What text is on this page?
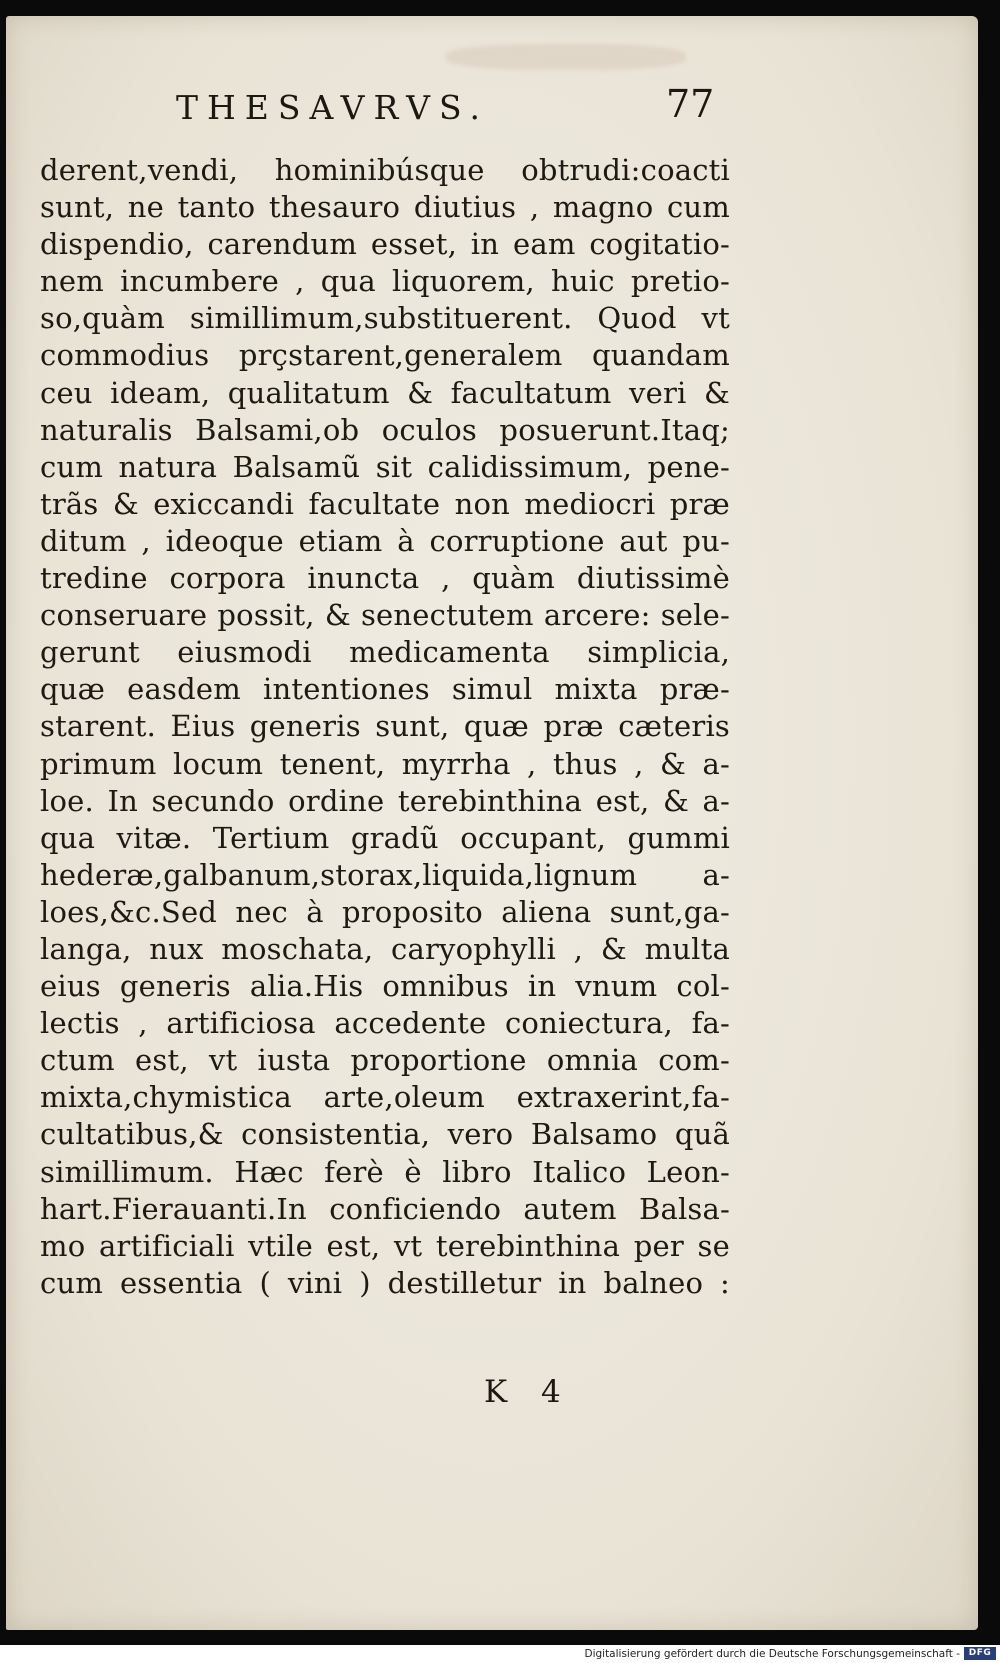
THESAVRVS.	77
derent,vendi, hominibúsque obtrudi:coacti
sunt, ne tanto thesauro diutius , magno cum
dispendio, carendum esset, in eam cogitatio-
nem incumbere , qua liquorem, huic pretio-
so,quàm simillimum,substituerent. Quod vt
commodius prçstarent,generalem quandam
ceu ideam, qualitatum & facultatum veri &
naturalis Balsami,ob oculos posuerunt.Itaq;
cum natura Balsamũ sit calidissimum, pene-
trãs & exiccandi facultate non mediocri præ
ditum , ideoque etiam à corruptione aut pu-
tredine corpora inuncta , quàm diutissimè
conseruare possit, & senectutem arcere: sele-
gerunt eiusmodi medicamenta simplicia,
quæ easdem intentiones simul mixta præ-
starent. Eius generis sunt, quæ præ cæteris
primum locum tenent, myrrha , thus , & a-
loe. In secundo ordine terebinthina est, & a-
qua vitæ. Tertium gradũ occupant, gummi
hederæ,galbanum,storax,liquida,lignum a-
loes,&c.Sed nec à proposito aliena sunt,ga-
langa, nux moschata, caryophylli , & multa
eius generis alia.His omnibus in vnum col-
lectis , artificiosa accedente coniectura, fa-
ctum est, vt iusta proportione omnia com-
mixta,chymistica arte,oleum extraxerint,fa-
cultatibus,& consistentia, vero Balsamo quã
simillimum. Hæc ferè è libro Italico Leon-
hart.Fierauanti.In conficiendo autem Balsa-
mo artificiali vtile est, vt terebinthina per se
cum essentia ( vini ) destilletur in balneo :
K 4
Digitalisierung gefördert durch die Deutsche Forschungsgemeinschaft - DFG
